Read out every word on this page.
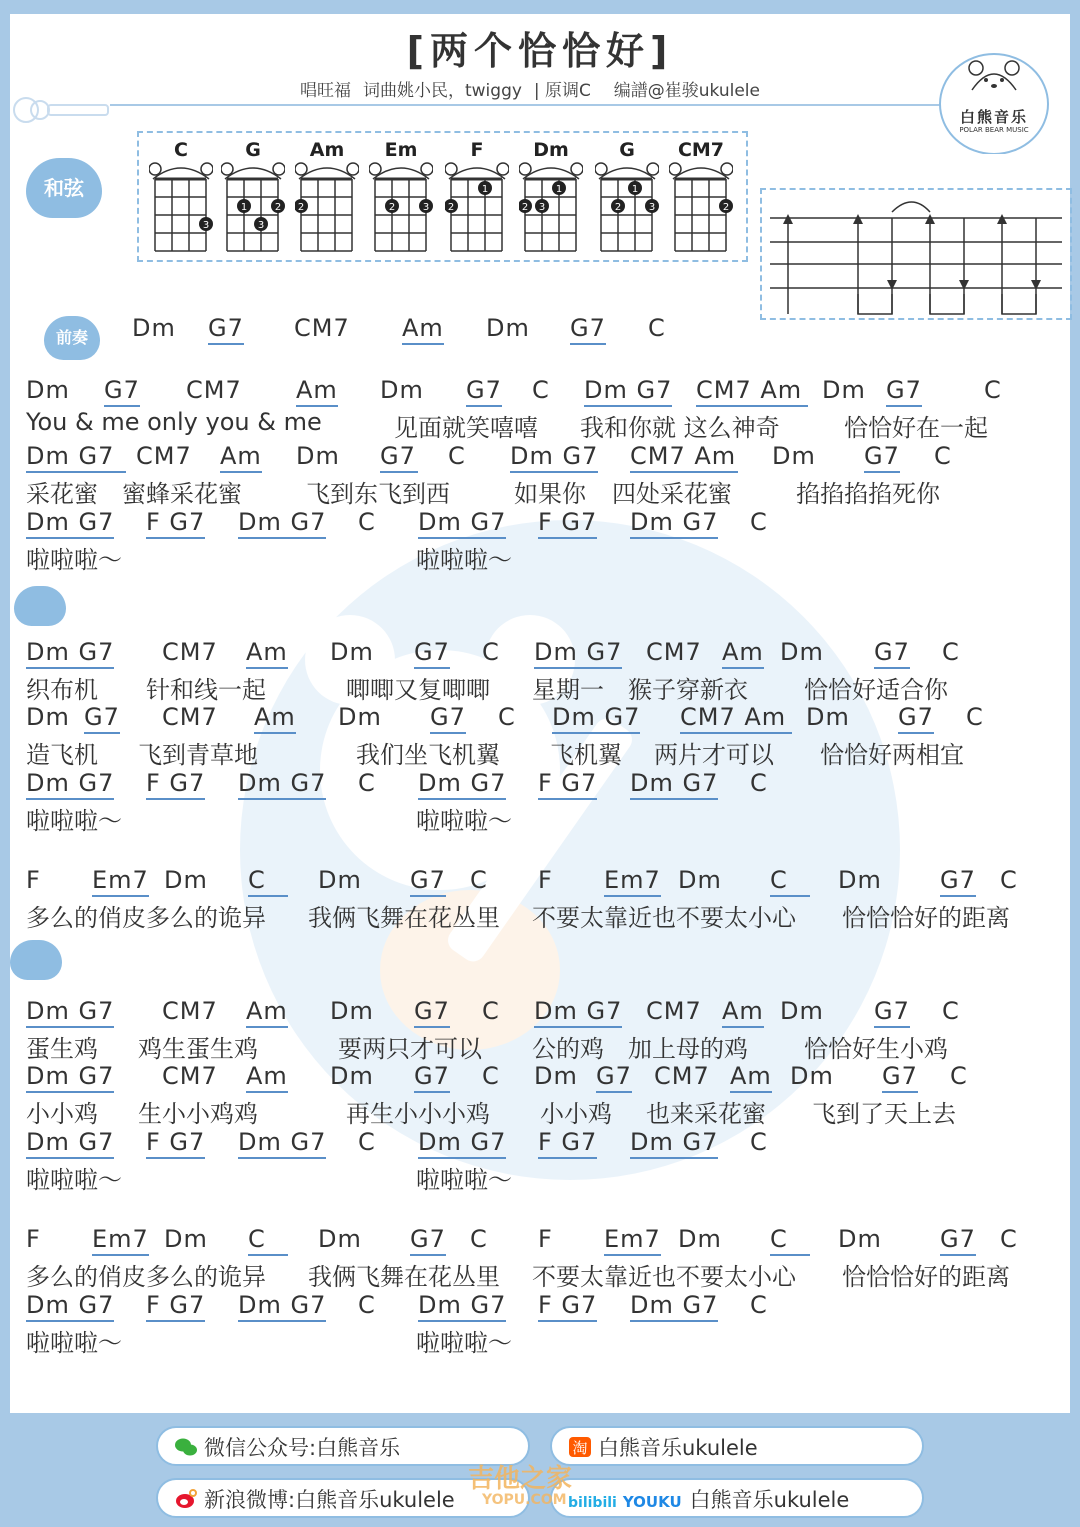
[两个恰恰好]
唱旺福 词曲姚小民，twiggy | 原调C 编譜@崔骏ukulele
白熊音乐
POLAR BEAR MUSIC
和弦
C
3
G
1	2
3
Am
2
Em
2	3
F
2
1
Dm
2 3
1
G
2
1
3
CM7
2
前奏	Dm G7 CM7 Am Dm G7 C
Dm G7 CM7 Am Dm G7 C Dm G7 CM7 Am Dm G7	C
You & me only you & me	见面就笑嘻嘻 我和你就 这么神奇	恰恰好在一起
Dm G7 CM7 Am Dm G7 C Dm G7 CM7 Am Dm G7 C
采花蜜 蜜蜂采花蜜	飞到东飞到西	如果你 四处采花蜜	掐掐掐掐死你
Dm G7 F G7 Dm G7 C Dm G7 F G7 Dm G7 C
啦啦啦～	啦啦啦～
Dm G7 CM7 Am Dm G7 C Dm G7 CM7 Am Dm G7 C
织布机 针和线一起	唧唧又复唧唧 星期一 猴子穿新衣 恰恰好适合你
Dm G7 CM7 Am Dm G7 C Dm G7 CM7 Am Dm G7 C
造飞机 飞到青草地	我们坐飞机翼 飞机翼 两片才可以 恰恰好两相宜
Dm G7 F G7 Dm G7 C Dm G7 F G7 Dm G7 C
啦啦啦～	啦啦啦～
F Em7 Dm C	Dm G7 C F Em7 Dm C	Dm G7 C
多么的俏皮多么的诡异 我俩飞舞在花丛里 不要太靠近也不要太小心 恰恰恰好的距离
Dm G7 CM7 Am Dm G7 C Dm G7 CM7 Am Dm G7 C
蛋生鸡 鸡生蛋生鸡	要两只才可以 公的鸡 加上母的鸡 恰恰好生小鸡
Dm G7 CM7 Am Dm G7 C Dm G7 CM7 Am Dm G7 C
小小鸡 生小小鸡鸡	再生小小小鸡 小小鸡 也来采花蜜 飞到了天上去
Dm G7 F G7 Dm G7 C Dm G7 F G7 Dm G7 C
啦啦啦～	啦啦啦～
F Em7 Dm C	Dm G7 C F Em7 Dm C	Dm G7 C
多么的俏皮多么的诡异 我俩飞舞在花丛里 不要太靠近也不要太小心 恰恰恰好的距离
Dm G7 F G7 Dm G7 C Dm G7 F G7 Dm G7 C
啦啦啦～	啦啦啦～
微信公众号:白熊音乐	淘 白熊音乐ukulele
新浪微博:白熊音乐ukulele	bilibili YOUKU 白熊音乐ukulele
吉他之家
YOPU.COM
